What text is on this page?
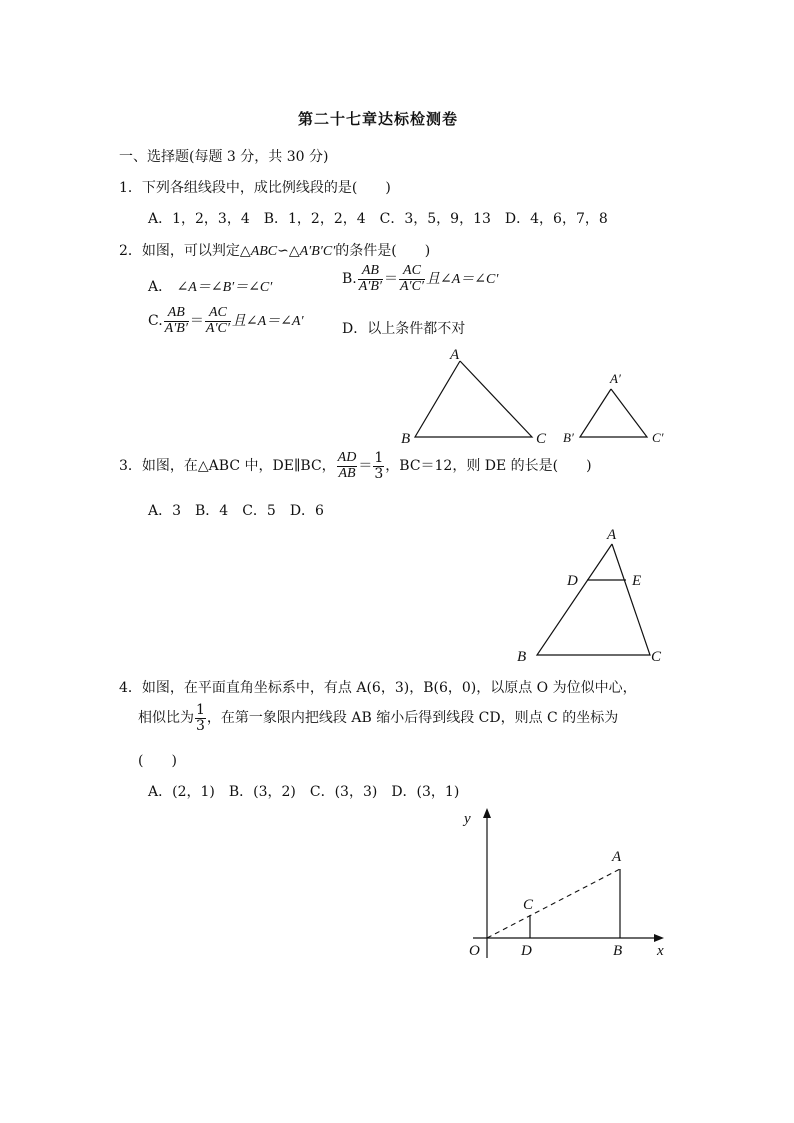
第二十七章达标检测卷
一、选择题(每题 3 分，共 30 分)
1．下列各组线段中，成比例线段的是(　　)
A．1，2，3，4　B．1，2，2，4　C．3，5，9，13　D．4，6，7，8
2．如图，可以判定△ABC∽△A′B′C′的条件是(　　)
A． ∠A＝∠B′＝∠C′
B. $\frac{AB}{A'B'} = \frac{AC}{A'C'}$ 且∠A＝∠C′
C. $\frac{AB}{A'B'} = \frac{AC}{A'C'}$ 且∠A＝∠A′	D．以上条件都不对
A
B	C
A′
B′	C′
3．如图，在△ABC 中，DE∥BC， $\frac{AD}{AB} = \frac{1}{3}$ ，BC＝12，则 DE 的长是(　　)
A．3　B．4　C．5　D．6
A
D	E
B	C
4．如图，在平面直角坐标系中，有点 A(6，3)，B(6，0)，以原点 O 为位似中心，
相似比为 $\frac{1}{3}$ ，在第一象限内把线段 AB 缩小后得到线段 CD，则点 C 的坐标为
(　　)
A．(2，1)　B．(3，2)　C．(3，3)　D．(3，1)
y
x
O
A
B
C
D
